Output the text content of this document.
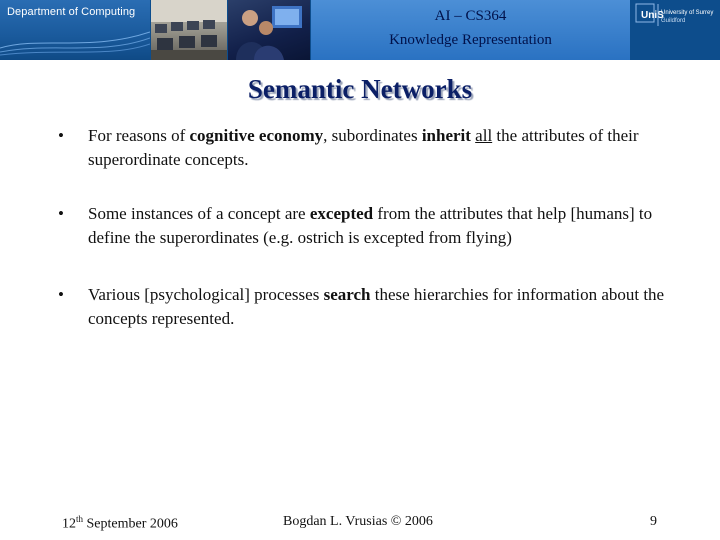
Department of Computing	AI – CS364
Knowledge Representation
UniS
University of Surrey
Guildford
Semantic Networks
• For reasons of cognitive economy, subordinates inherit all the attributes of their superordinate concepts.
• Some instances of a concept are excepted from the attributes that help [humans] to define the superordinates (e.g. ostrich is excepted from flying)
• Various [psychological] processes search these hierarchies for information about the concepts represented.
12th September 2006	Bogdan L. Vrusias © 2006	9
